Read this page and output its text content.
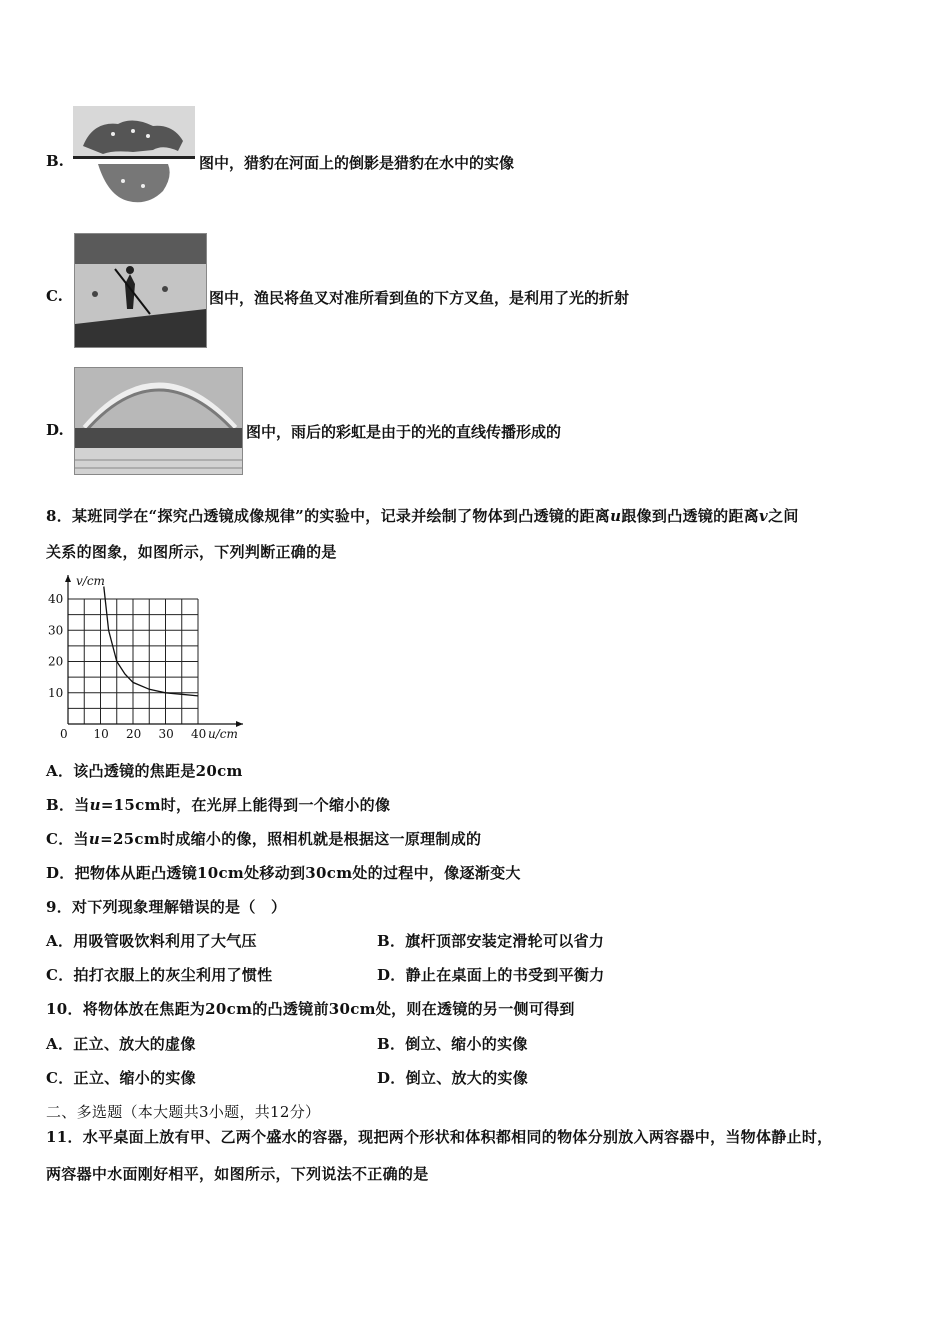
B.	图中，猎豹在河面上的倒影是猎豹在水中的实像
C.	图中，渔民将鱼叉对准所看到鱼的下方叉鱼，是利用了光的折射
D.	图中，雨后的彩虹是由于的光的直线传播形成的
8．某班同学在“探究凸透镜成像规律”的实验中，记录并绘制了物体到凸透镜的距离u跟像到凸透镜的距离v之间
关系的图象，如图所示，下列判断正确的是
0 10 20 30 40
10
20
30
40
u/cm
v/cm
A．该凸透镜的焦距是20cm
B．当u=15cm时，在光屏上能得到一个缩小的像
C．当u=25cm时成缩小的像，照相机就是根据这一原理制成的
D．把物体从距凸透镜10cm处移动到30cm处的过程中，像逐渐变大
9．对下列现象理解错误的是（　）
A．用吸管吸饮料利用了大气压	B．旗杆顶部安装定滑轮可以省力
C．拍打衣服上的灰尘利用了惯性	D．静止在桌面上的书受到平衡力
10．将物体放在焦距为20cm的凸透镜前30cm处，则在透镜的另一侧可得到
A．正立、放大的虚像	B．倒立、缩小的实像
C．正立、缩小的实像	D．倒立、放大的实像
二、多选题（本大题共3小题，共12分）
11．水平桌面上放有甲、乙两个盛水的容器，现把两个形状和体积都相同的物体分别放入两容器中，当物体静止时，
两容器中水面刚好相平，如图所示，下列说法不正确的是
